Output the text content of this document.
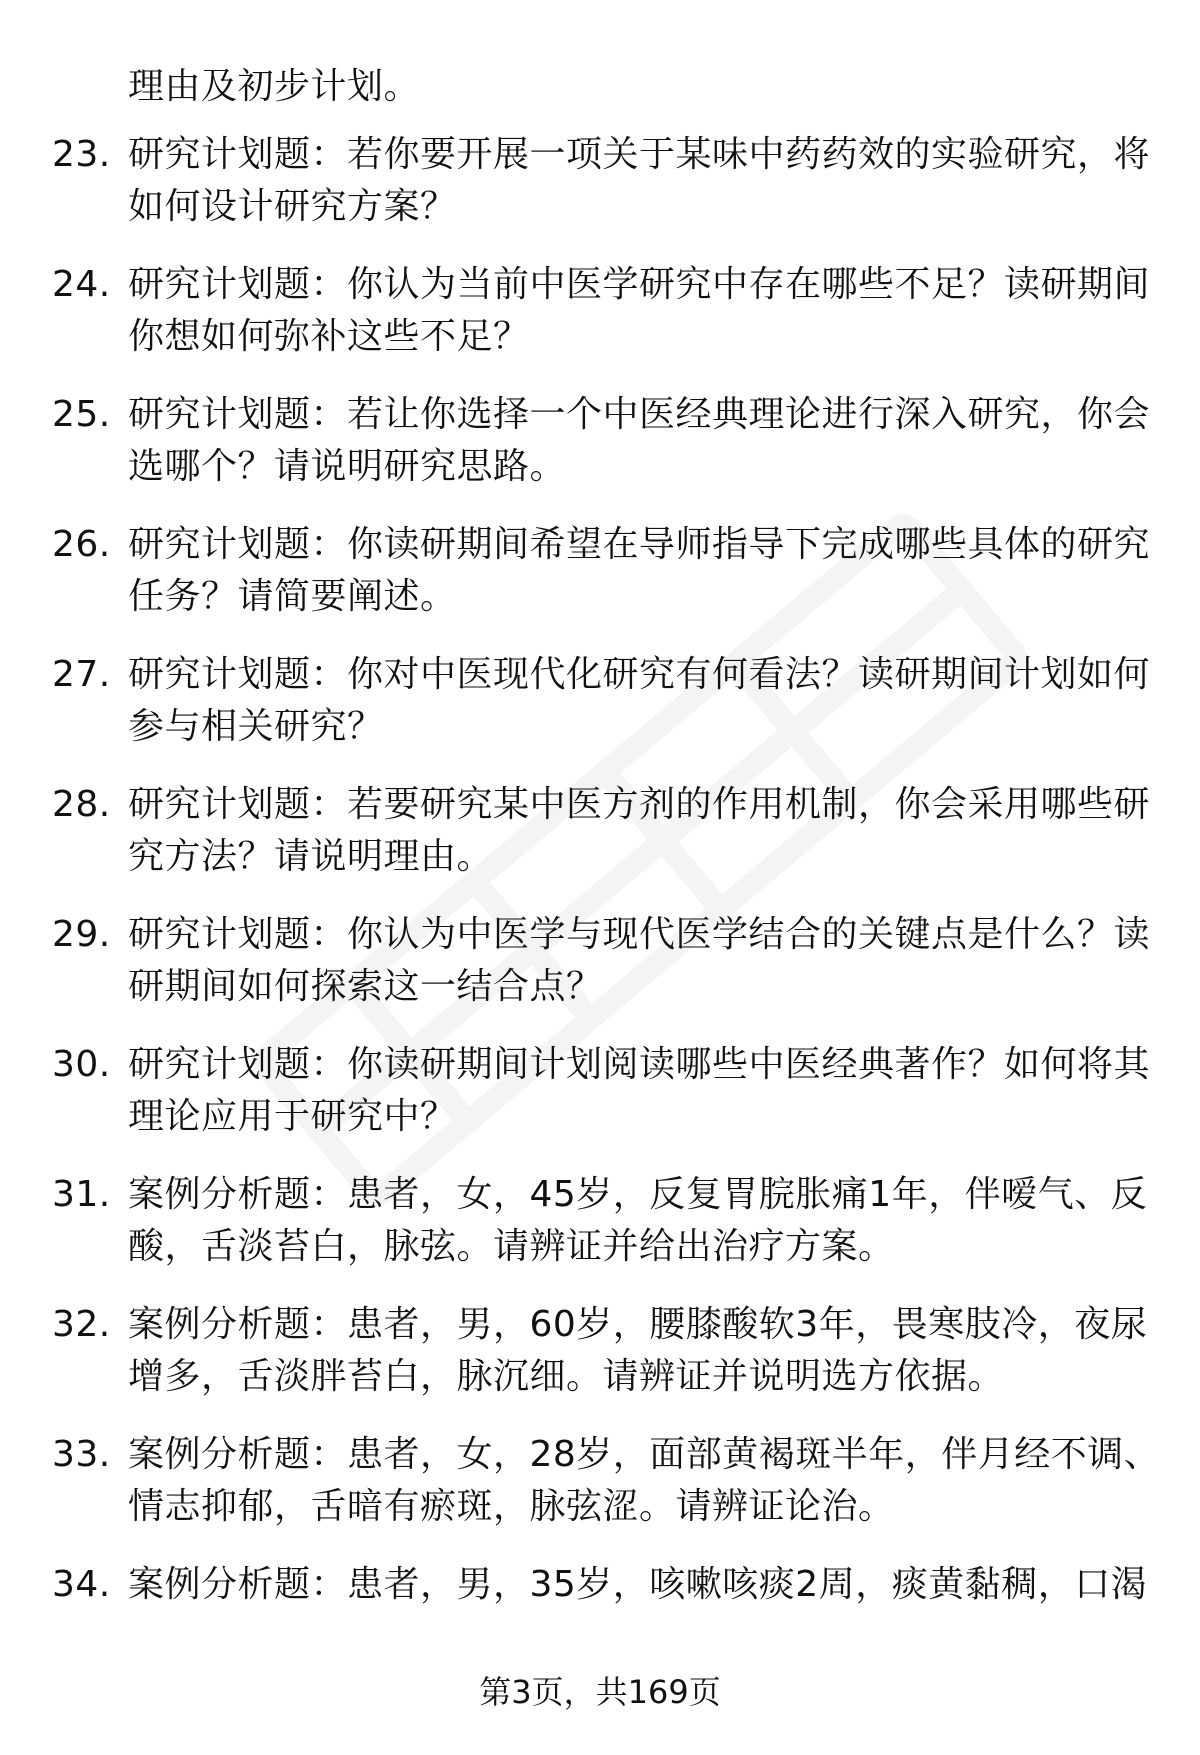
理由及初步计划。
23. 研究计划题：若你要开展一项关于某味中药药效的实验研究，将
如何设计研究方案？
24. 研究计划题：你认为当前中医学研究中存在哪些不足？读研期间
你想如何弥补这些不足？
25. 研究计划题：若让你选择一个中医经典理论进行深入研究，你会
选哪个？请说明研究思路。
26. 研究计划题：你读研期间希望在导师指导下完成哪些具体的研究
任务？请简要阐述。
27. 研究计划题：你对中医现代化研究有何看法？读研期间计划如何
参与相关研究？
28. 研究计划题：若要研究某中医方剂的作用机制，你会采用哪些研
究方法？请说明理由。
29. 研究计划题：你认为中医学与现代医学结合的关键点是什么？读
研期间如何探索这一结合点？
30. 研究计划题：你读研期间计划阅读哪些中医经典著作？如何将其
理论应用于研究中？
31. 案例分析题：患者，女，45岁，反复胃脘胀痛1年，伴嗳气、反
酸，舌淡苔白，脉弦。请辨证并给出治疗方案。
32. 案例分析题：患者，男，60岁，腰膝酸软3年，畏寒肢冷，夜尿
增多，舌淡胖苔白，脉沉细。请辨证并说明选方依据。
33. 案例分析题：患者，女，28岁，面部黄褐斑半年，伴月经不调、
情志抑郁，舌暗有瘀斑，脉弦涩。请辨证论治。
34. 案例分析题：患者，男，35岁，咳嗽咳痰2周，痰黄黏稠，口渴
第3页，共169页
